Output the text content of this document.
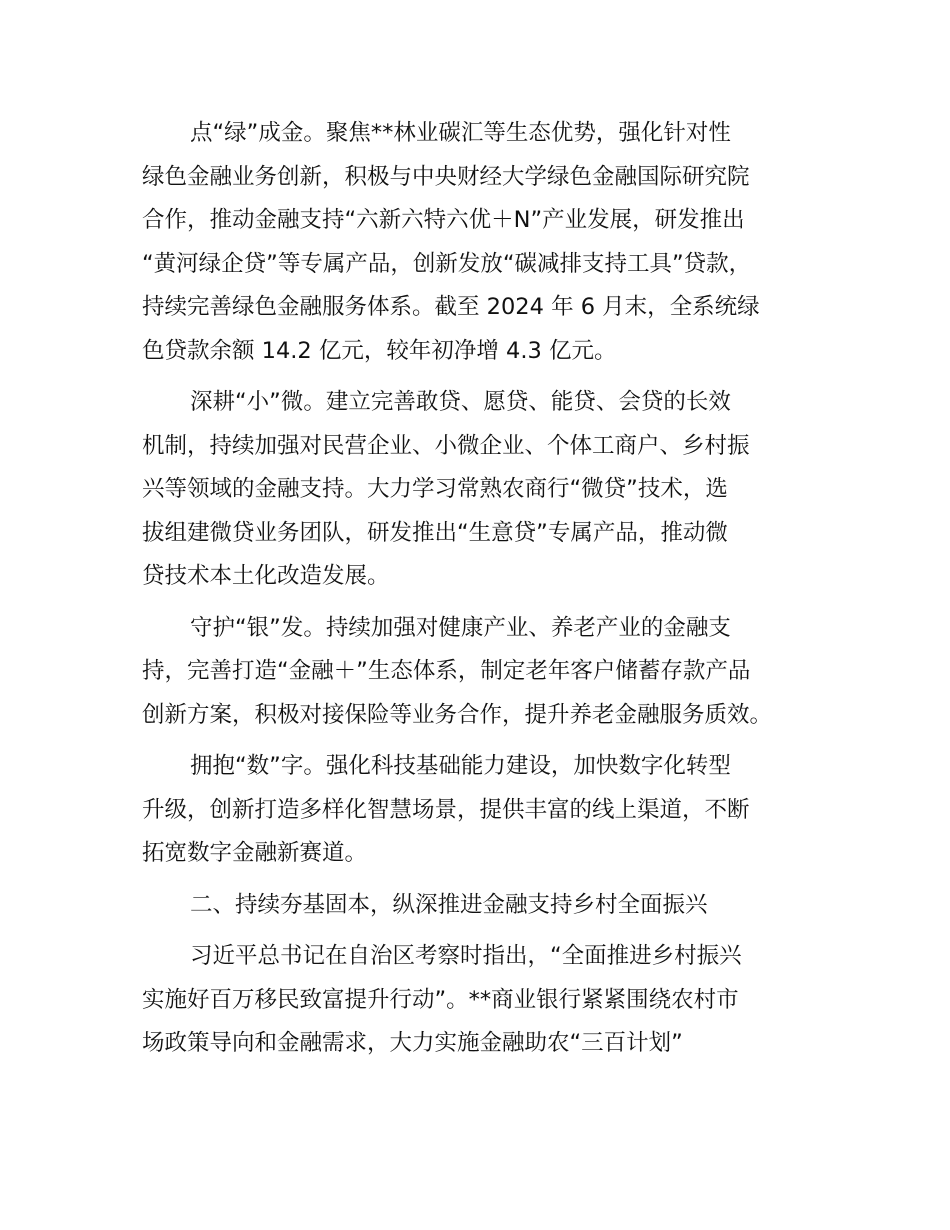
点“绿”成金。聚焦**林业碳汇等生态优势，强化针对性
绿色金融业务创新，积极与中央财经大学绿色金融国际研究院
合作，推动金融支持“六新六特六优＋N”产业发展，研发推出
“黄河绿企贷”等专属产品，创新发放“碳减排支持工具”贷款，
持续完善绿色金融服务体系。截至 2024 年 6 月末，全系统绿
色贷款余额 14.2 亿元，较年初净增 4.3 亿元。

深耕“小”微。建立完善敢贷、愿贷、能贷、会贷的长效
机制，持续加强对民营企业、小微企业、个体工商户、乡村振
兴等领域的金融支持。大力学习常熟农商行“微贷”技术，选
拔组建微贷业务团队，研发推出“生意贷”专属产品，推动微
贷技术本土化改造发展。

守护“银”发。持续加强对健康产业、养老产业的金融支
持，完善打造“金融＋”生态体系，制定老年客户储蓄存款产品
创新方案，积极对接保险等业务合作，提升养老金融服务质效。

拥抱“数”字。强化科技基础能力建设，加快数字化转型
升级，创新打造多样化智慧场景，提供丰富的线上渠道，不断
拓宽数字金融新赛道。

二、持续夯基固本，纵深推进金融支持乡村全面振兴

习近平总书记在自治区考察时指出，“全面推进乡村振兴
实施好百万移民致富提升行动”。**商业银行紧紧围绕农村市
场政策导向和金融需求，大力实施金融助农“三百计划”
